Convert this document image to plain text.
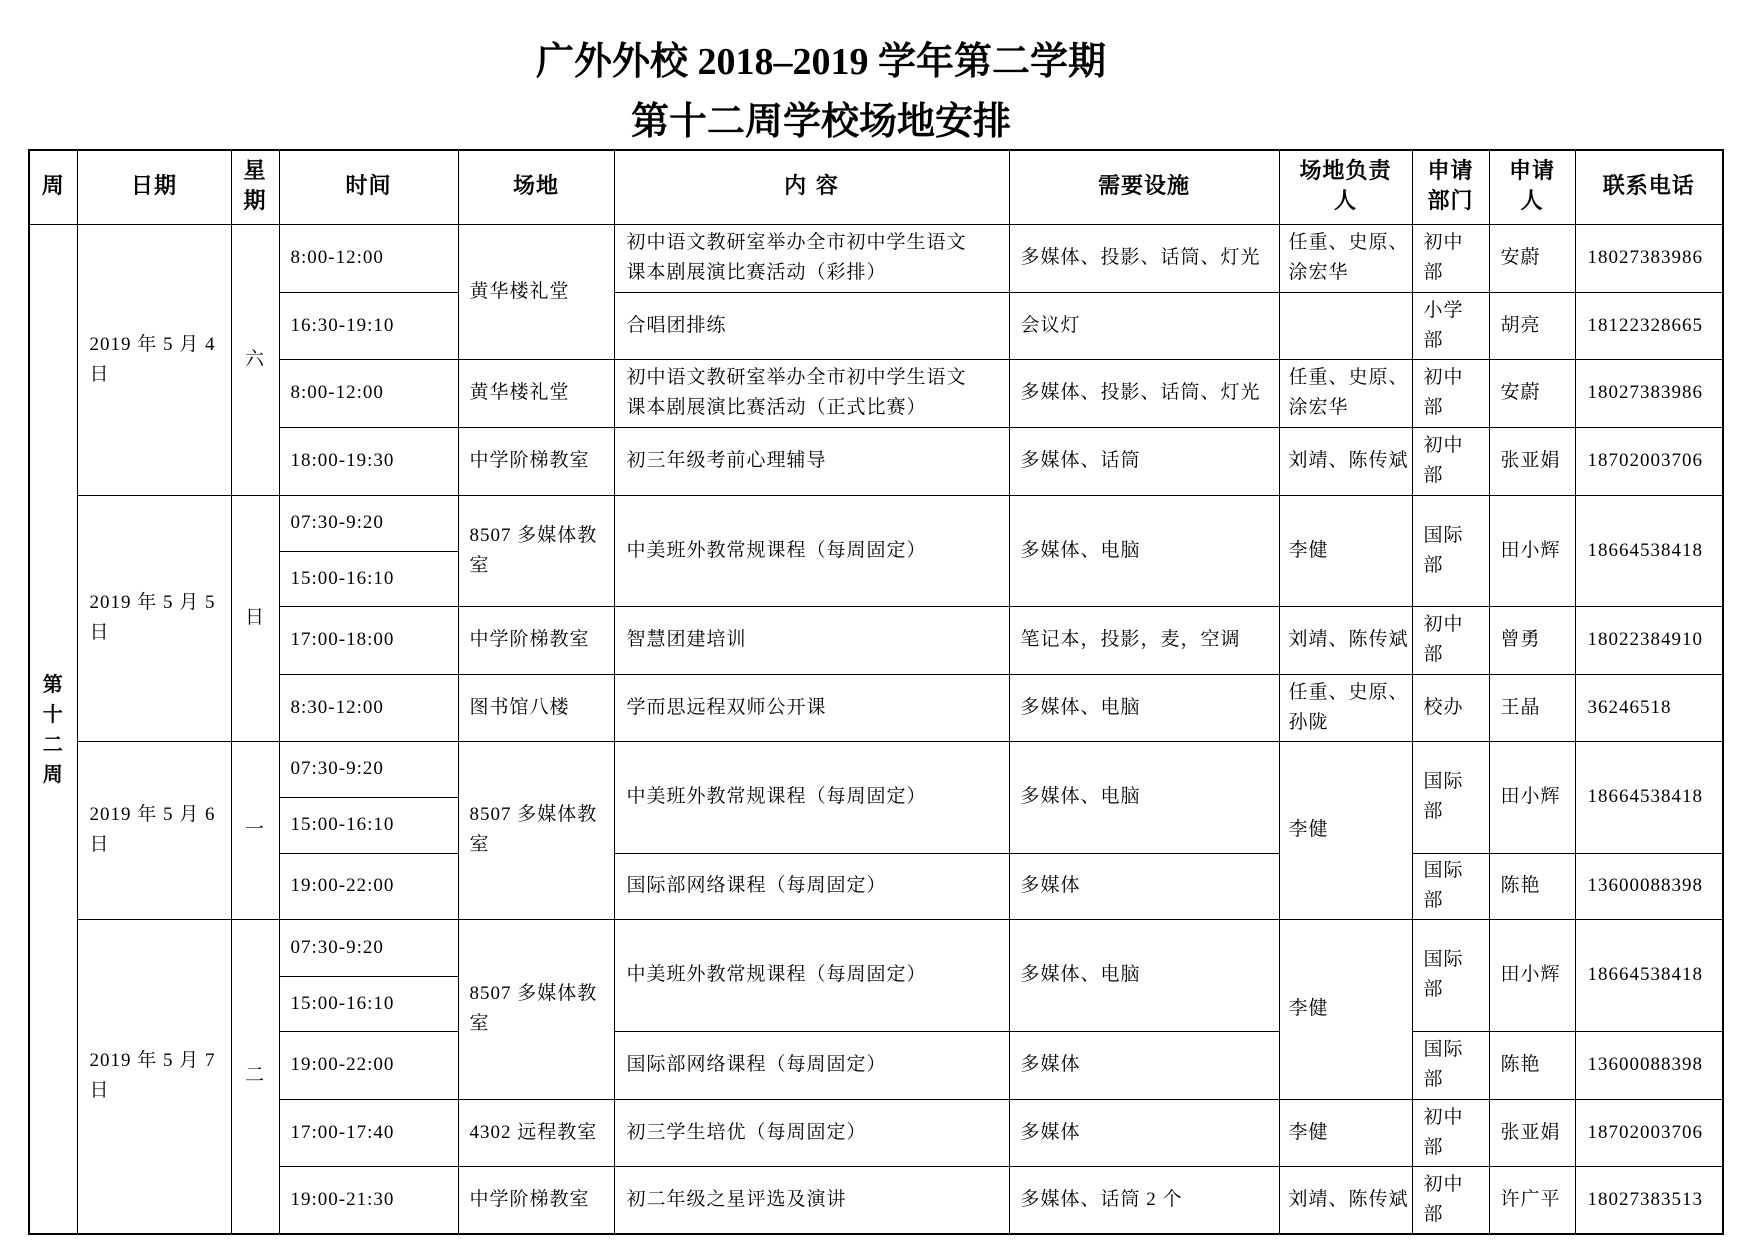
广外外校 2018–2019 学年第二学期
第十二周学校场地安排
周	日期	星期	时间	场地	内 容	需要设施	场地负责人	申请部门	申请人	联系电话
第十二周	2019 年 5 月 4 日	六	8:00-12:00	黄华楼礼堂	初中语文教研室举办全市初中学生语文课本剧展演比赛活动（彩排）	多媒体、投影、话筒、灯光	任重、史原、涂宏华	初中部	安蔚	18027383986
			16:30-19:10		合唱团排练	会议灯		小学部	胡亮	18122328665
			8:00-12:00	黄华楼礼堂	初中语文教研室举办全市初中学生语文课本剧展演比赛活动（正式比赛）	多媒体、投影、话筒、灯光	任重、史原、涂宏华	初中部	安蔚	18027383986
			18:00-19:30	中学阶梯教室	初三年级考前心理辅导	多媒体、话筒	刘靖、陈传斌	初中部	张亚娟	18702003706
	2019 年 5 月 5 日	日	07:30-9:20	8507 多媒体教室	中美班外教常规课程（每周固定）	多媒体、电脑	李健	国际部	田小辉	18664538418
			15:00-16:10							
			17:00-18:00	中学阶梯教室	智慧团建培训	笔记本，投影，麦，空调	刘靖、陈传斌	初中部	曾勇	18022384910
			8:30-12:00	图书馆八楼	学而思远程双师公开课	多媒体、电脑	任重、史原、孙陇	校办	王晶	36246518
	2019 年 5 月 6 日	一	07:30-9:20	8507 多媒体教室	中美班外教常规课程（每周固定）	多媒体、电脑	李健	国际部	田小辉	18664538418
			15:00-16:10							
			19:00-22:00		国际部网络课程（每周固定）	多媒体		国际部	陈艳	13600088398
	2019 年 5 月 7 日	二	07:30-9:20	8507 多媒体教室	中美班外教常规课程（每周固定）	多媒体、电脑	李健	国际部	田小辉	18664538418
			15:00-16:10							
			19:00-22:00		国际部网络课程（每周固定）	多媒体		国际部	陈艳	13600088398
			17:00-17:40	4302 远程教室	初三学生培优（每周固定）	多媒体	李健	初中部	张亚娟	18702003706
			19:00-21:30	中学阶梯教室	初二年级之星评选及演讲	多媒体、话筒 2 个	刘靖、陈传斌	初中部	许广平	18027383513
